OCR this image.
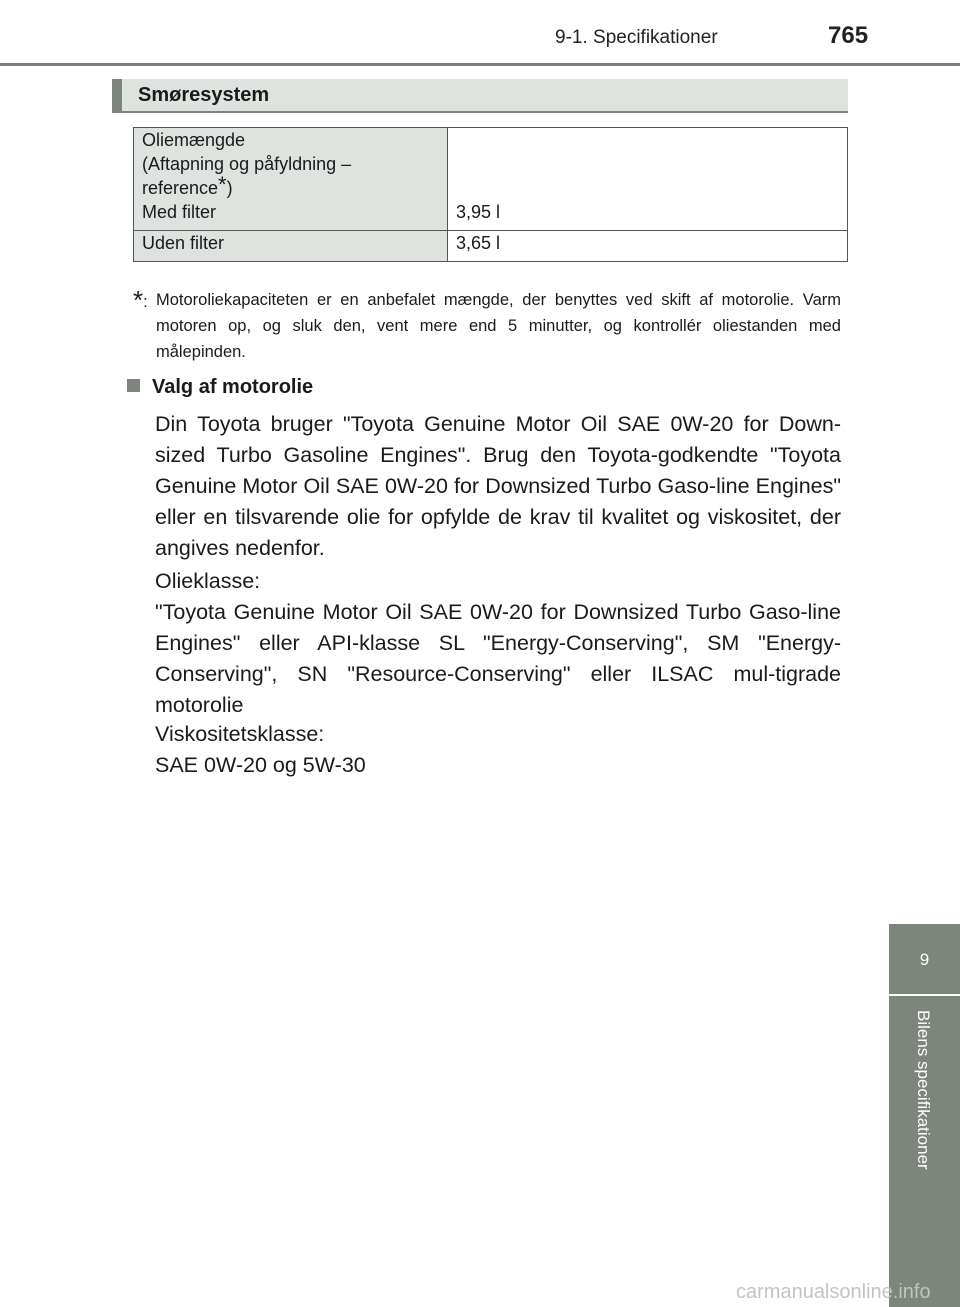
9-1. Specifikationer	765
Smøresystem
Oliemængde
(Aftapning og påfyldning –
reference*)	

Med filter	3,95 l
Uden filter	3,65 l
*: Motoroliekapaciteten er en anbefalet mængde, der benyttes ved skift af motorolie. Varm motoren op, og sluk den, vent mere end 5 minutter, og kontrollér oliestanden med målepinden.
Valg af motorolie
Din Toyota bruger "Toyota Genuine Motor Oil SAE 0W-20 for Down-sized Turbo Gasoline Engines". Brug den Toyota-godkendte "Toyota Genuine Motor Oil SAE 0W-20 for Downsized Turbo Gaso-line Engines" eller en tilsvarende olie for opfylde de krav til kvalitet og viskositet, der angives nedenfor.
Olieklasse:
"Toyota Genuine Motor Oil SAE 0W-20 for Downsized Turbo Gaso-line Engines" eller API-klasse SL "Energy-Conserving", SM "Energy-Conserving", SN "Resource-Conserving" eller ILSAC mul-tigrade motorolie
Viskositetsklasse:
SAE 0W-20 og 5W-30
9
Bilens specifikationer
carmanualsonline.info
